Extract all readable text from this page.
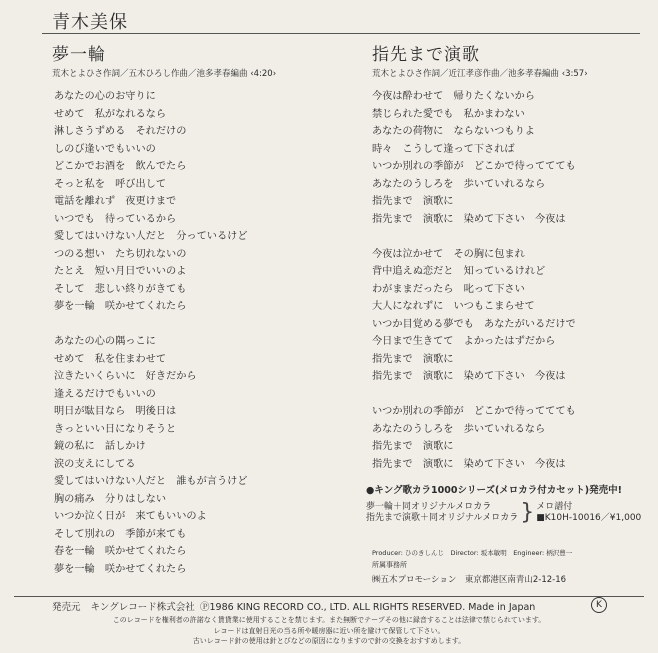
青木美保
夢一輪
荒木とよひさ作詞／五木ひろし作曲／池多孝春編曲 ‹4:20›
あなたの心のお守りに
せめて　私がなれるなら
淋しさうずめる　それだけの
しのび逢いでもいいの
どこかでお酒を　飲んでたら
そっと私を　呼び出して
電話を離れず　夜更けまで
いつでも　待っているから
愛してはいけない人だと　分っているけど
つのる想い　たち切れないの
たとえ　短い月日でいいのよ
そして　悲しい終りがきても
夢を一輪　咲かせてくれたら
あなたの心の隅っこに
せめて　私を住まわせて
泣きたいくらいに　好きだから
逢えるだけでもいいの
明日が駄目なら　明後日は
きっといい日になりそうと
鏡の私に　話しかけ
涙の支えにしてる
愛してはいけない人だと　誰もが言うけど
胸の痛み　分りはしない
いつか泣く日が　来てもいいのよ
そして別れの　季節が来ても
春を一輪　咲かせてくれたら
夢を一輪　咲かせてくれたら
指先まで演歌
荒木とよひさ作詞／近江孝彦作曲／池多孝春編曲 ‹3:57›
今夜は酔わせて　帰りたくないから
禁じられた愛でも　私かまわない
あなたの荷物に　ならないつもりよ
時々　こうして逢って下されば
いつか別れの季節が　どこかで待っててても
あなたのうしろを　歩いていれるなら
指先まで　演歌に
指先まで　演歌に　染めて下さい　今夜は
今夜は泣かせて　その胸に包まれ
背中追えぬ恋だと　知っているけれど
わがままだったら　叱って下さい
大人になれずに　いつもこまらせて
いつか目覚める夢でも　あなたがいるだけで
今日まで生きてて　よかったはずだから
指先まで　演歌に
指先まで　演歌に　染めて下さい　今夜は
いつか別れの季節が　どこかで待っててても
あなたのうしろを　歩いていれるなら
指先まで　演歌に
指先まで　演歌に　染めて下さい　今夜は
●キング歌カラ1000シリーズ(メロカラ付カセット)発売中!
夢一輪＋同オリジナルメロカラ
指先まで演歌＋同オリジナルメロカラ } メロ譜付
■K10H-10016／¥1,000
Producer: ひのきしんじ　Director: 坂本敏明　Engineer: 柄沢豊一
所属事務所
㈱五木プロモーション　 東京都港区南青山2-12-16
発売元 キングレコード株式会社 Ⓟ1986 KING RECORD CO., LTD. ALL RIGHTS RESERVED. Made in Japan	K
このレコードを権利者の許諾なく賃貸業に使用することを禁じます。また無断でテープその他に録音することは法律で禁じられています。
レコードは直射日光の当る所や暖房器に近い所を避けて保管して下さい。
古いレコード針の使用は針とびなどの原因になりますので針の交換をおすすめします。
